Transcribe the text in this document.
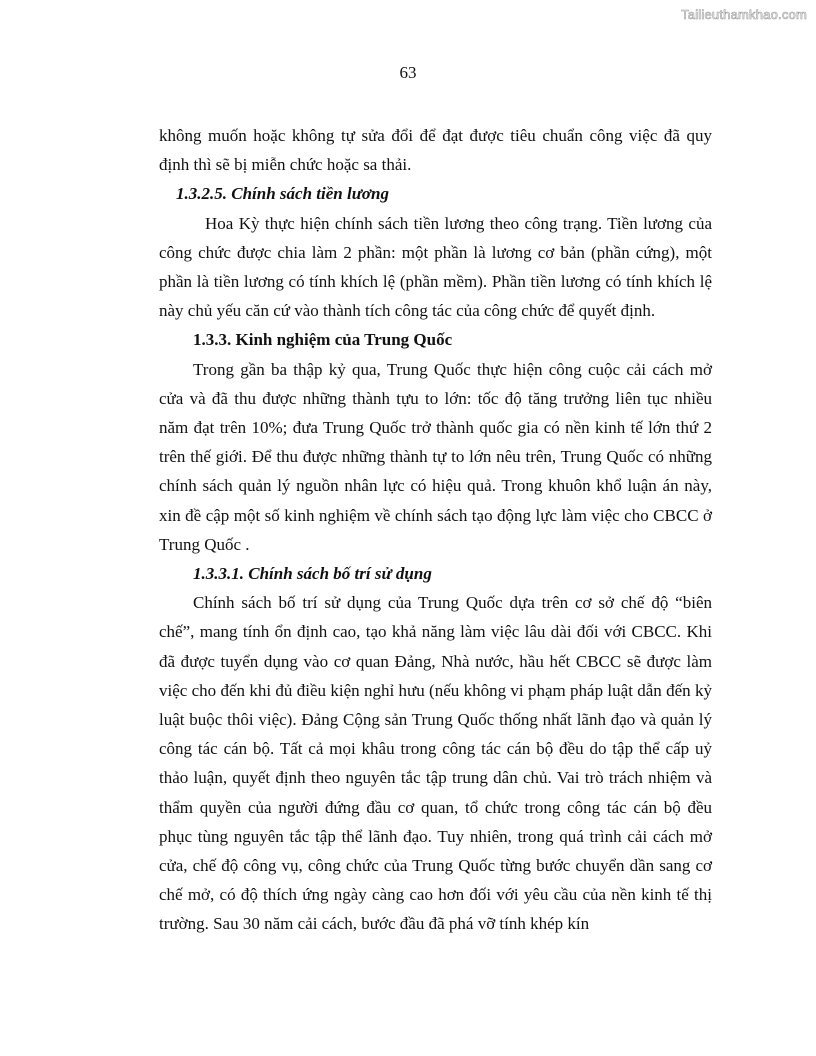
Tailieuthamkhao.com
63

không muốn hoặc không tự sửa đổi để đạt được tiêu chuẩn công việc đã quy định thì sẽ bị miễn chức hoặc sa thải.

1.3.2.5. Chính sách tiền lương

Hoa Kỳ thực hiện chính sách tiền lương theo công trạng. Tiền lương của công chức được chia làm 2 phần: một phần là lương cơ bản (phần cứng), một phần là tiền lương có tính khích lệ (phần mềm). Phần tiền lương có tính khích lệ này chủ yếu căn cứ vào thành tích công tác của công chức để quyết định.

1.3.3. Kinh nghiệm của Trung Quốc

Trong gần ba thập kỷ qua, Trung Quốc thực hiện công cuộc cải cách mở cửa và đã thu được những thành tựu to lớn: tốc độ tăng trưởng liên tục nhiều năm đạt trên 10%; đưa Trung Quốc trở thành quốc gia có nền kinh tế lớn thứ 2 trên thế giới. Để thu được những thành tự to lớn nêu trên, Trung Quốc có những chính sách quản lý nguồn nhân lực có hiệu quả. Trong khuôn khổ luận án này, xin đề cập một số kinh nghiệm về chính sách tạo động lực làm việc cho CBCC ở Trung Quốc .

1.3.3.1. Chính sách bố trí sử dụng

Chính sách bố trí sử dụng của Trung Quốc dựa trên cơ sở chế độ “biên chế”, mang tính ổn định cao, tạo khả năng làm việc lâu dài đối với CBCC. Khi đã được tuyển dụng vào cơ quan Đảng, Nhà nước, hầu hết CBCC sẽ được làm việc cho đến khi đủ điều kiện nghỉ hưu (nếu không vi phạm pháp luật dẫn đến kỷ luật buộc thôi việc). Đảng Cộng sản Trung Quốc thống nhất lãnh đạo và quản lý công tác cán bộ. Tất cả mọi khâu trong công tác cán bộ đều do tập thể cấp uỷ thảo luận, quyết định theo nguyên tắc tập trung dân chủ. Vai trò trách nhiệm và thẩm quyền của người đứng đầu cơ quan, tổ chức trong công tác cán bộ đều phục tùng nguyên tắc tập thể lãnh đạo. Tuy nhiên, trong quá trình cải cách mở cửa, chế độ công vụ, công chức của Trung Quốc từng bước chuyển dần sang cơ chế mở, có độ thích ứng ngày càng cao hơn đối với yêu cầu của nền kinh tế thị trường. Sau 30 năm cải cách, bước đầu đã phá vỡ tính khép kín
